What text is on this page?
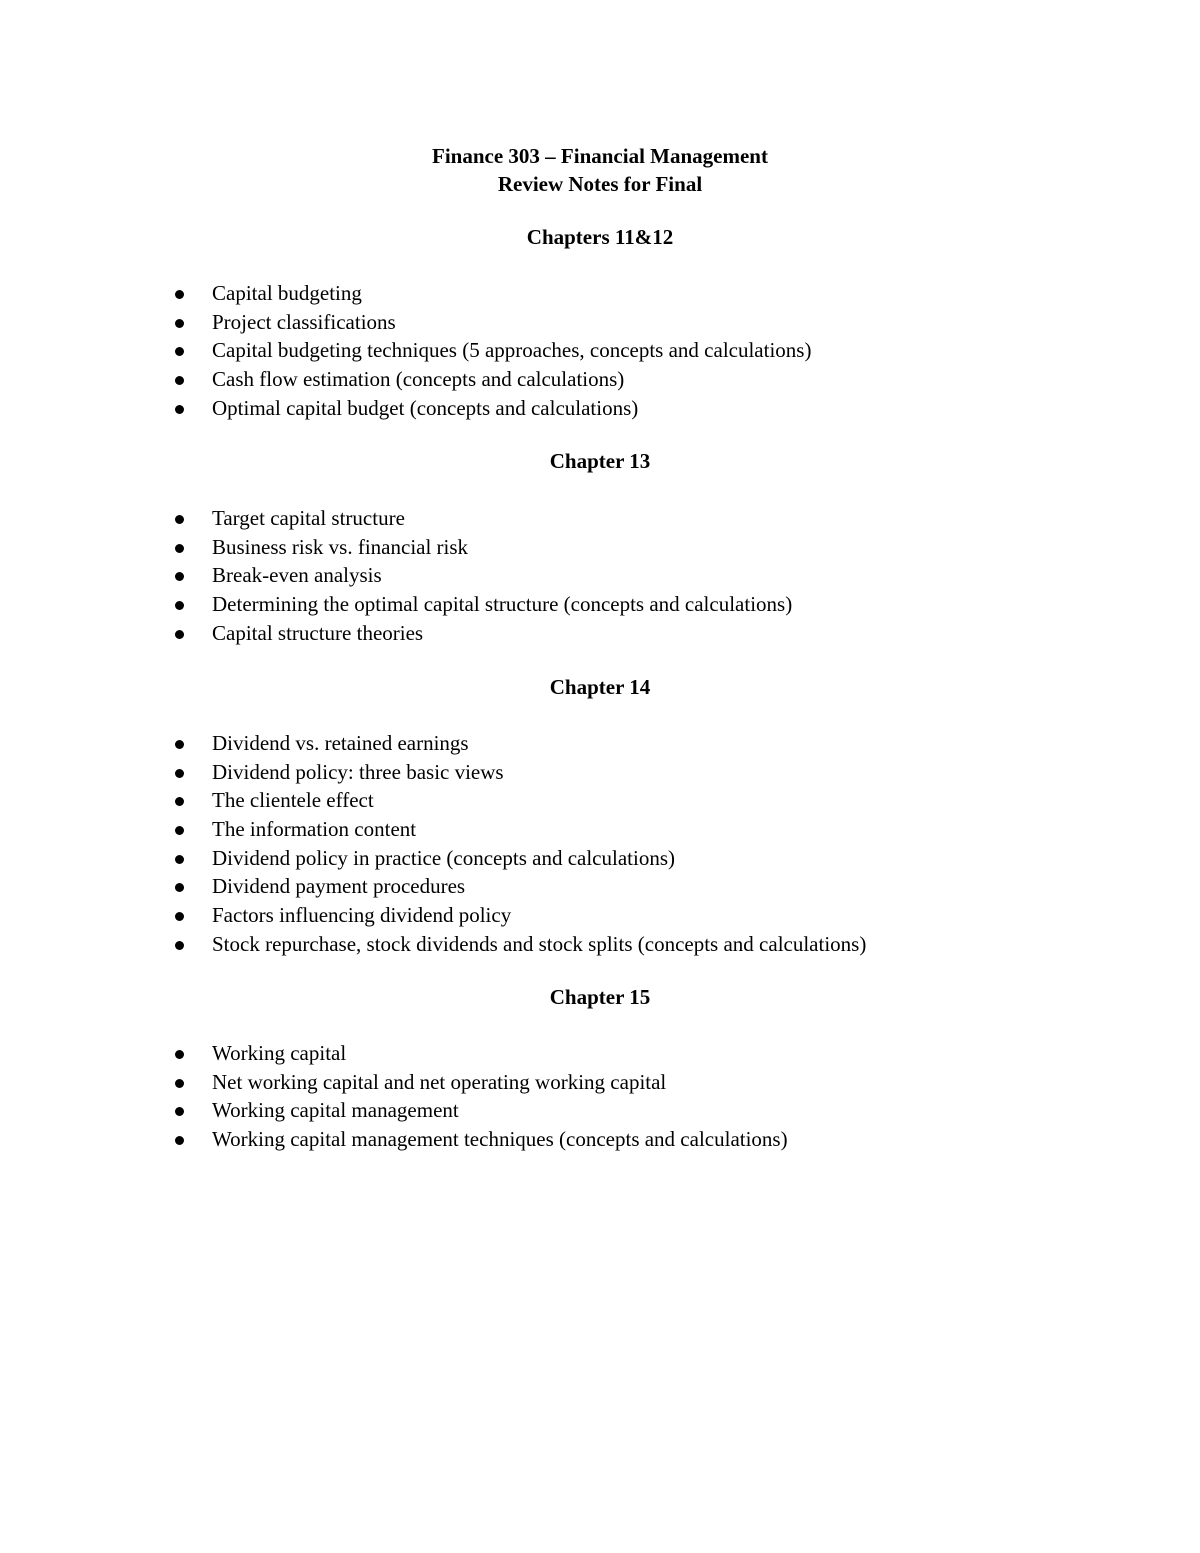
Finance 303 – Financial Management

Review Notes for Final

Chapters 11&12
Capital budgeting
Project classifications
Capital budgeting techniques (5 approaches, concepts and calculations)
Cash flow estimation (concepts and calculations)
Optimal capital budget (concepts and calculations)
Chapter 13
Target capital structure
Business risk vs. financial risk
Break-even analysis
Determining the optimal capital structure (concepts and calculations)
Capital structure theories
Chapter 14
Dividend vs. retained earnings
Dividend policy: three basic views
The clientele effect
The information content
Dividend policy in practice (concepts and calculations)
Dividend payment procedures
Factors influencing dividend policy
Stock repurchase, stock dividends and stock splits (concepts and calculations)
Chapter 15
Working capital
Net working capital and net operating working capital
Working capital management
Working capital management techniques (concepts and calculations)
